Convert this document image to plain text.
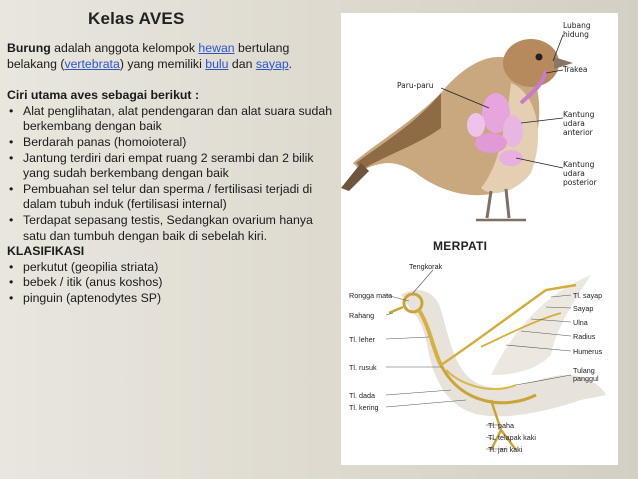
Kelas AVES

Burung adalah anggota kelompok hewan bertulang belakang (vertebrata) yang memiliki bulu dan sayap.

Ciri utama aves sebagai berikut :

• Alat penglihatan, alat pendengaran dan alat suara sudah berkembang dengan baik
• Berdarah panas (homoioteral)
• Jantung terdiri dari empat ruang 2 serambi dan 2 bilik yang sudah berkembang dengan baik
• Pembuahan sel telur dan sperma / fertilisasi terjadi di dalam tubuh induk (fertilisasi internal)
• Terdapat sepasang testis, Sedangkan ovarium hanya satu dan tumbuh dengan baik di sebelah kiri.

KLASIFIKASI

• perkutut (geopilia striata)
• bebek / itik (anus koshos)
• pinguin (aptenodytes SP)
Lubang hidung
Trakea
Paru-paru
Kantung udara anterior
Kantung udara posterior
MERPATI
Tengkorak
Rongga mata
Rahang
Tl. leher
Tl. rusuk
Tl. dada
Tl. kering
Tl. sayap
Sayap
Ulna
Radius
Humerus
Tulang panggul
Tl. paha
Tl. telapak kaki
Tl. jari kaki
